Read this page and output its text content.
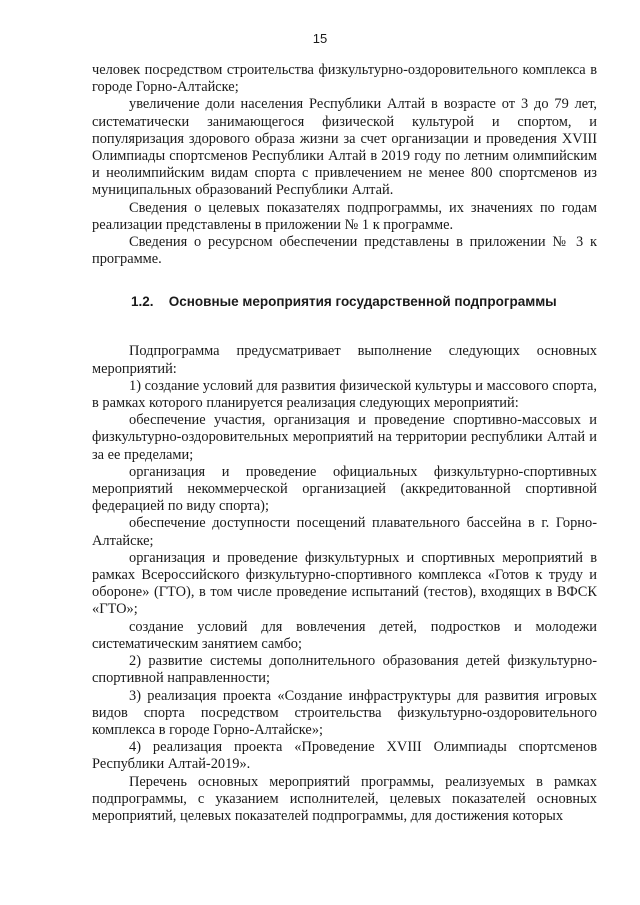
15

человек посредством строительства физкультурно-оздоровительного комплекса в городе Горно-Алтайске;

увеличение доли населения Республики Алтай в возрасте от 3 до 79 лет, систематически занимающегося физической культурой и спортом, и популяризация здорового образа жизни за счет организации и проведения XVIII Олимпиады спортсменов Республики Алтай в 2019 году по летним олимпийским и неолимпийским видам спорта с привлечением не менее 800 спортсменов из муниципальных образований Республики Алтай.

Сведения о целевых показателях подпрограммы, их значениях по годам реализации представлены в приложении № 1 к программе.

Сведения о ресурсном обеспечении представлены в приложении № 3 к программе.

1.2. Основные мероприятия государственной подпрограммы

Подпрограмма предусматривает выполнение следующих основных мероприятий:

1) создание условий для развития физической культуры и массового спорта, в рамках которого планируется реализация следующих мероприятий:

обеспечение участия, организация и проведение спортивно-массовых и физкультурно-оздоровительных мероприятий на территории республики Алтай и за ее пределами;

организация и проведение официальных физкультурно-спортивных мероприятий некоммерческой организацией (аккредитованной спортивной федерацией по виду спорта);

обеспечение доступности посещений плавательного бассейна в г. Горно-Алтайске;

организация и проведение физкультурных и спортивных мероприятий в рамках Всероссийского физкультурно-спортивного комплекса «Готов к труду и обороне» (ГТО), в том числе проведение испытаний (тестов), входящих в ВФСК «ГТО»;

создание условий для вовлечения детей, подростков и молодежи систематическим занятием самбо;

2) развитие системы дополнительного образования детей физкультурно-спортивной направленности;

3) реализация проекта «Создание инфраструктуры для развития игровых видов спорта посредством строительства физкультурно-оздоровительного комплекса в городе Горно-Алтайске»;

4) реализация проекта «Проведение XVIII Олимпиады спортсменов Республики Алтай-2019».

Перечень основных мероприятий программы, реализуемых в рамках подпрограммы, с указанием исполнителей, целевых показателей основных мероприятий, целевых показателей подпрограммы, для достижения которых
